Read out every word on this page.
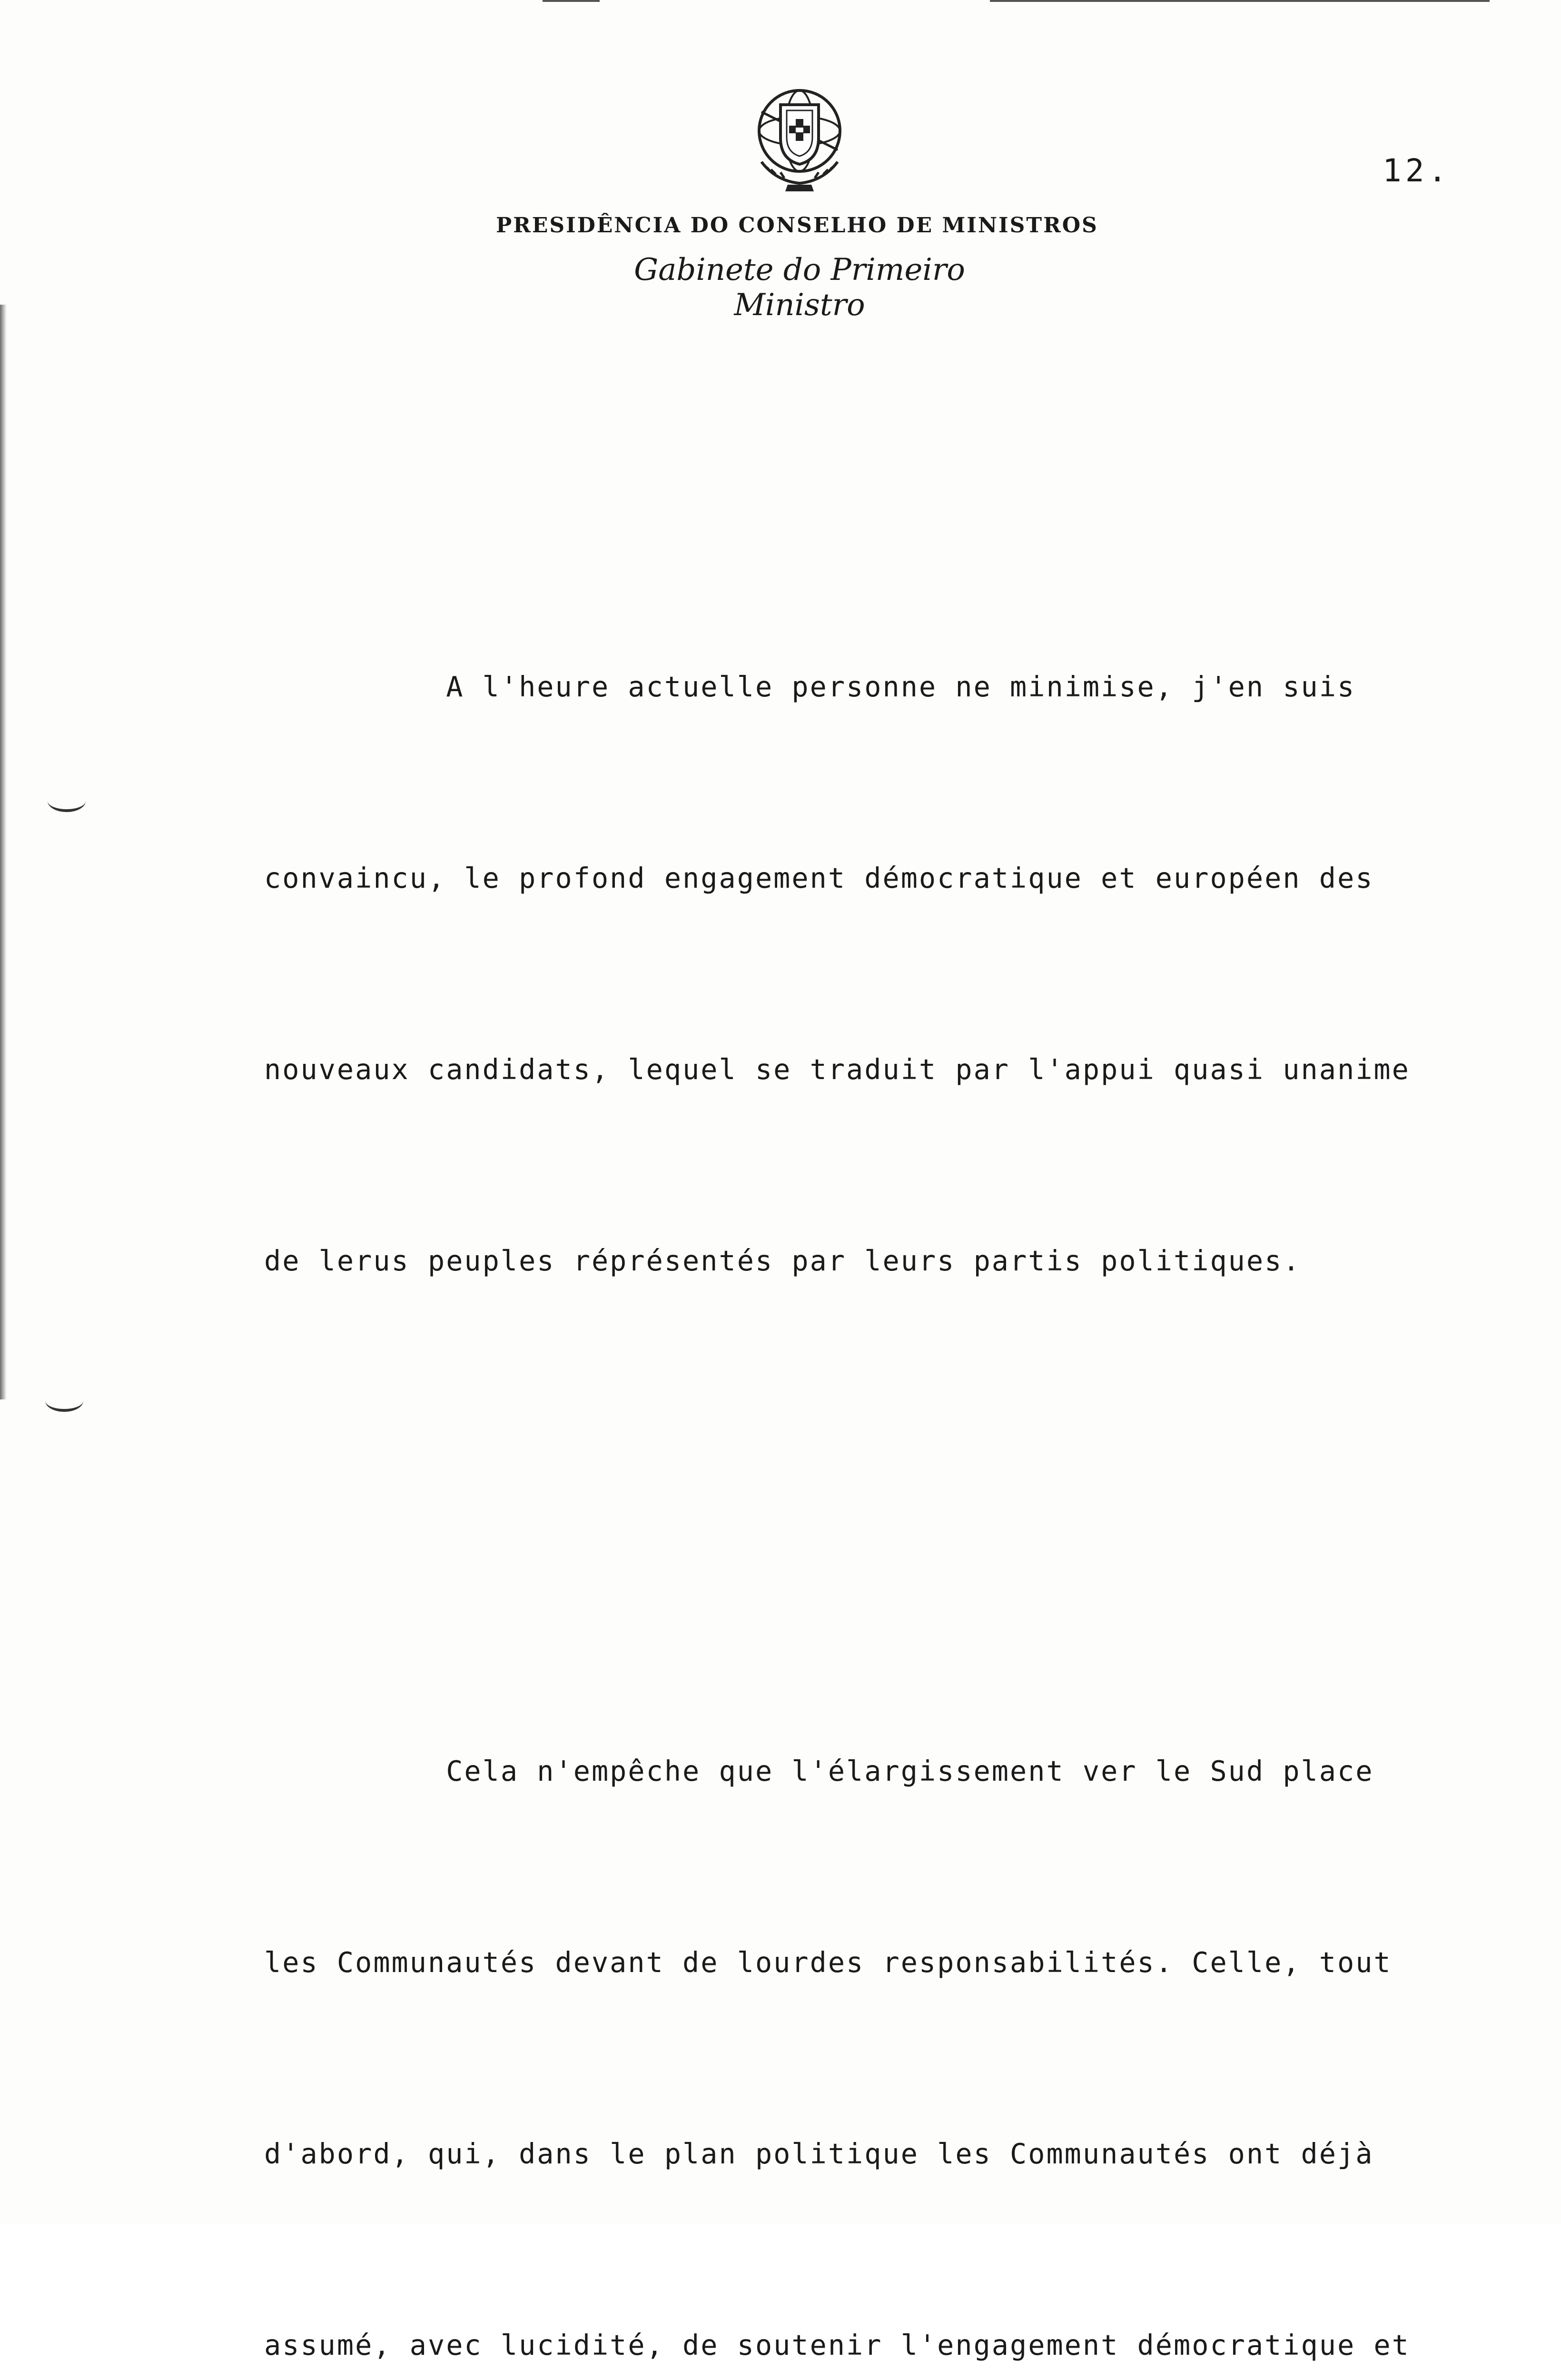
12.
PRESIDÊNCIA DO CONSELHO DE MINISTROS
Gabinete do Primeiro Ministro

A l'heure actuelle personne ne minimise, j'en suis

convaincu, le profond engagement démocratique et européen des

nouveaux candidats, lequel se traduit par l'appui quasi unanime

de lerus peuples réprésentés par leurs partis politiques.

Cela n'empêche que l'élargissement ver le Sud place

les Communautés devant de lourdes responsabilités. Celle, tout

d'abord, qui, dans le plan politique les Communautés ont déjà

assumé, avec lucidité, de soutenir l'engagement démocratique et
